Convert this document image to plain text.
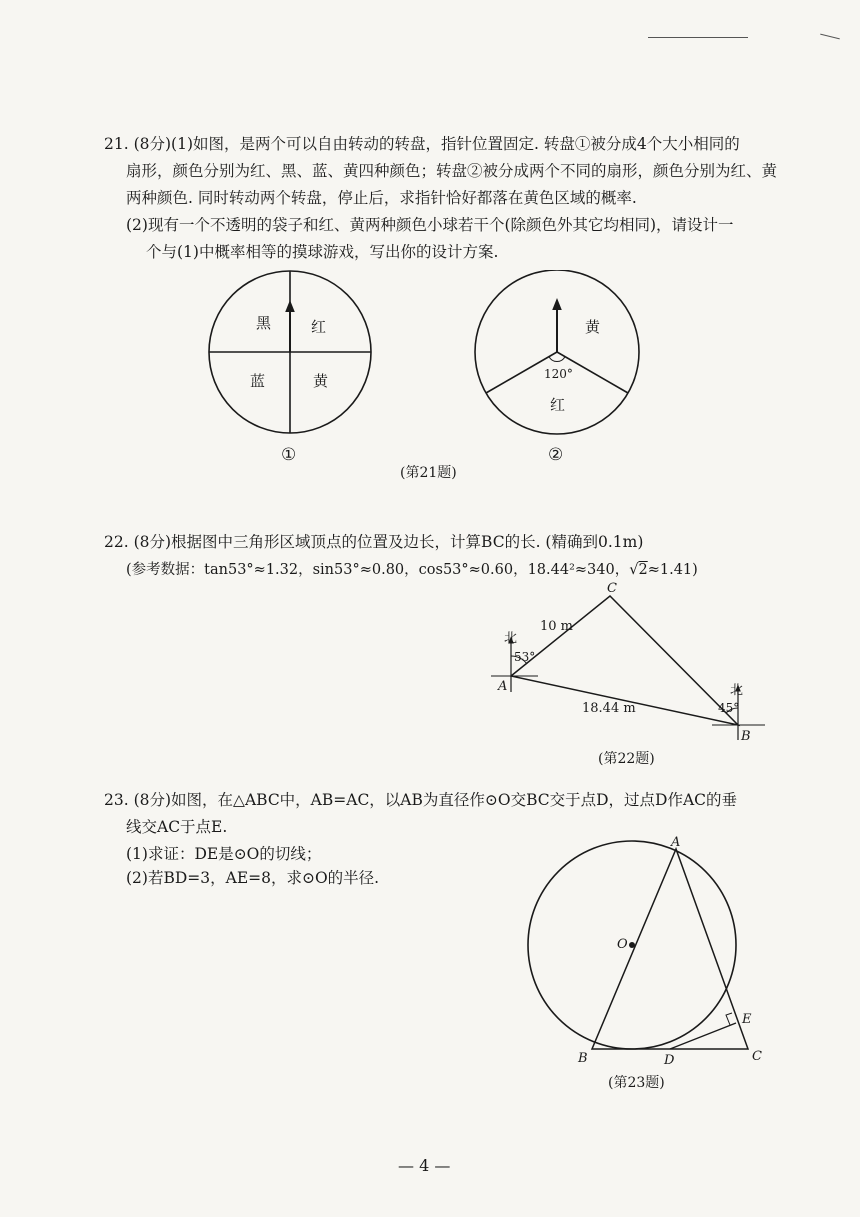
21. (8分)(1)如图，是两个可以自由转动的转盘，指针位置固定. 转盘①被分成4个大小相同的
扇形，颜色分别为红、黑、蓝、黄四种颜色；转盘②被分成两个不同的扇形，颜色分别为红、黄
两种颜色. 同时转动两个转盘，停止后，求指针恰好都落在黄色区域的概率.
(2)现有一个不透明的袋子和红、黄两种颜色小球若干个(除颜色外其它均相同)，请设计一
个与(1)中概率相等的摸球游戏，写出你的设计方案.
黑	红
蓝	黄
①
黄
120°
红
②
(第21题)
22. (8分)根据图中三角形区域顶点的位置及边长，计算BC的长. (精确到0.1m)
(参考数据：tan53°≈1.32，sin53°≈0.80，cos53°≈0.60，18.44²≈340，√2≈1.41)
C
A
B
北
北
53°
45°
10 m
18.44 m
(第22题)
23. (8分)如图，在△ABC中，AB=AC，以AB为直径作⊙O交BC交于点D，过点D作AC的垂
线交AC于点E.
(1)求证：DE是⊙O的切线；
(2)若BD=3，AE=8，求⊙O的半径.
A
O
E
B	D	C
(第23题)
— 4 —
